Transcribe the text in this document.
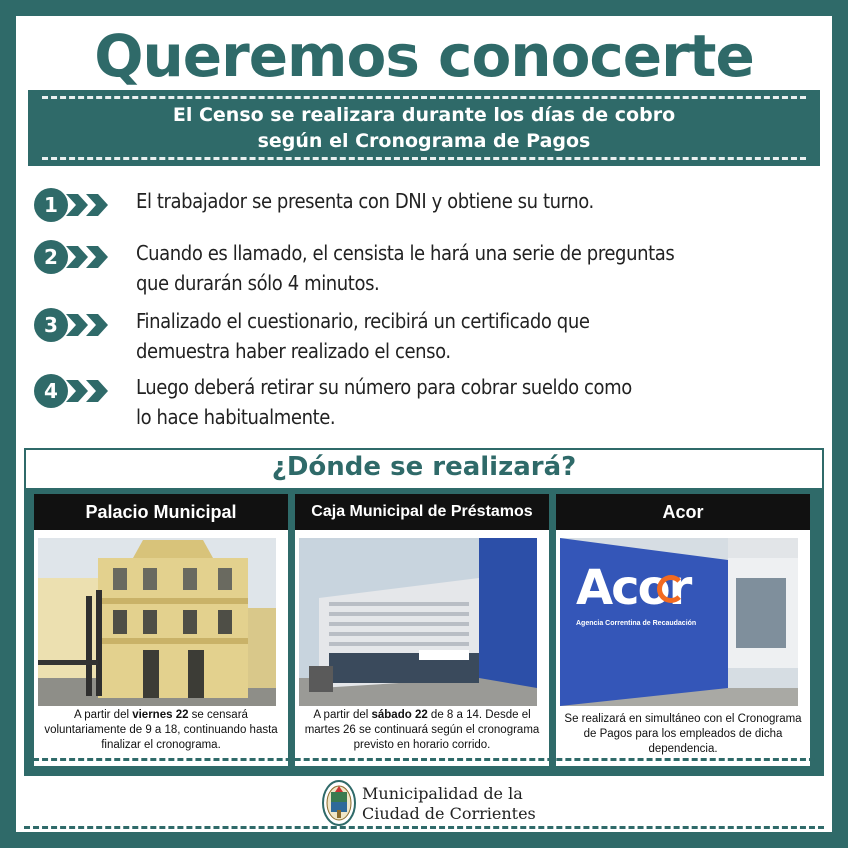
Queremos conocerte
El Censo se realizara durante los días de cobro
según el Cronograma de Pagos
1	El trabajador se presenta con DNI y obtiene su turno.
2	Cuando es llamado, el censista le hará una serie de preguntas
que durarán sólo 4 minutos.
3	Finalizado el cuestionario, recibirá un certificado que
demuestra haber realizado el censo.
4	Luego deberá retirar su número para cobrar sueldo como
lo hace habitualmente.
¿Dónde se realizará?
Palacio Municipal
A partir del viernes 22 se censará voluntariamente de 9 a 18, continuando hasta finalizar el cronograma.
Caja Municipal de Préstamos
A partir del sábado 22 de 8 a 14. Desde el martes 26 se continuará según el cronograma previsto en horario corrido.
Acor
Acor
Agencia Correntina de Recaudación
Se realizará en simultáneo con el Cronograma de Pagos para los empleados de dicha dependencia.
Municipalidad de la
Ciudad de Corrientes
